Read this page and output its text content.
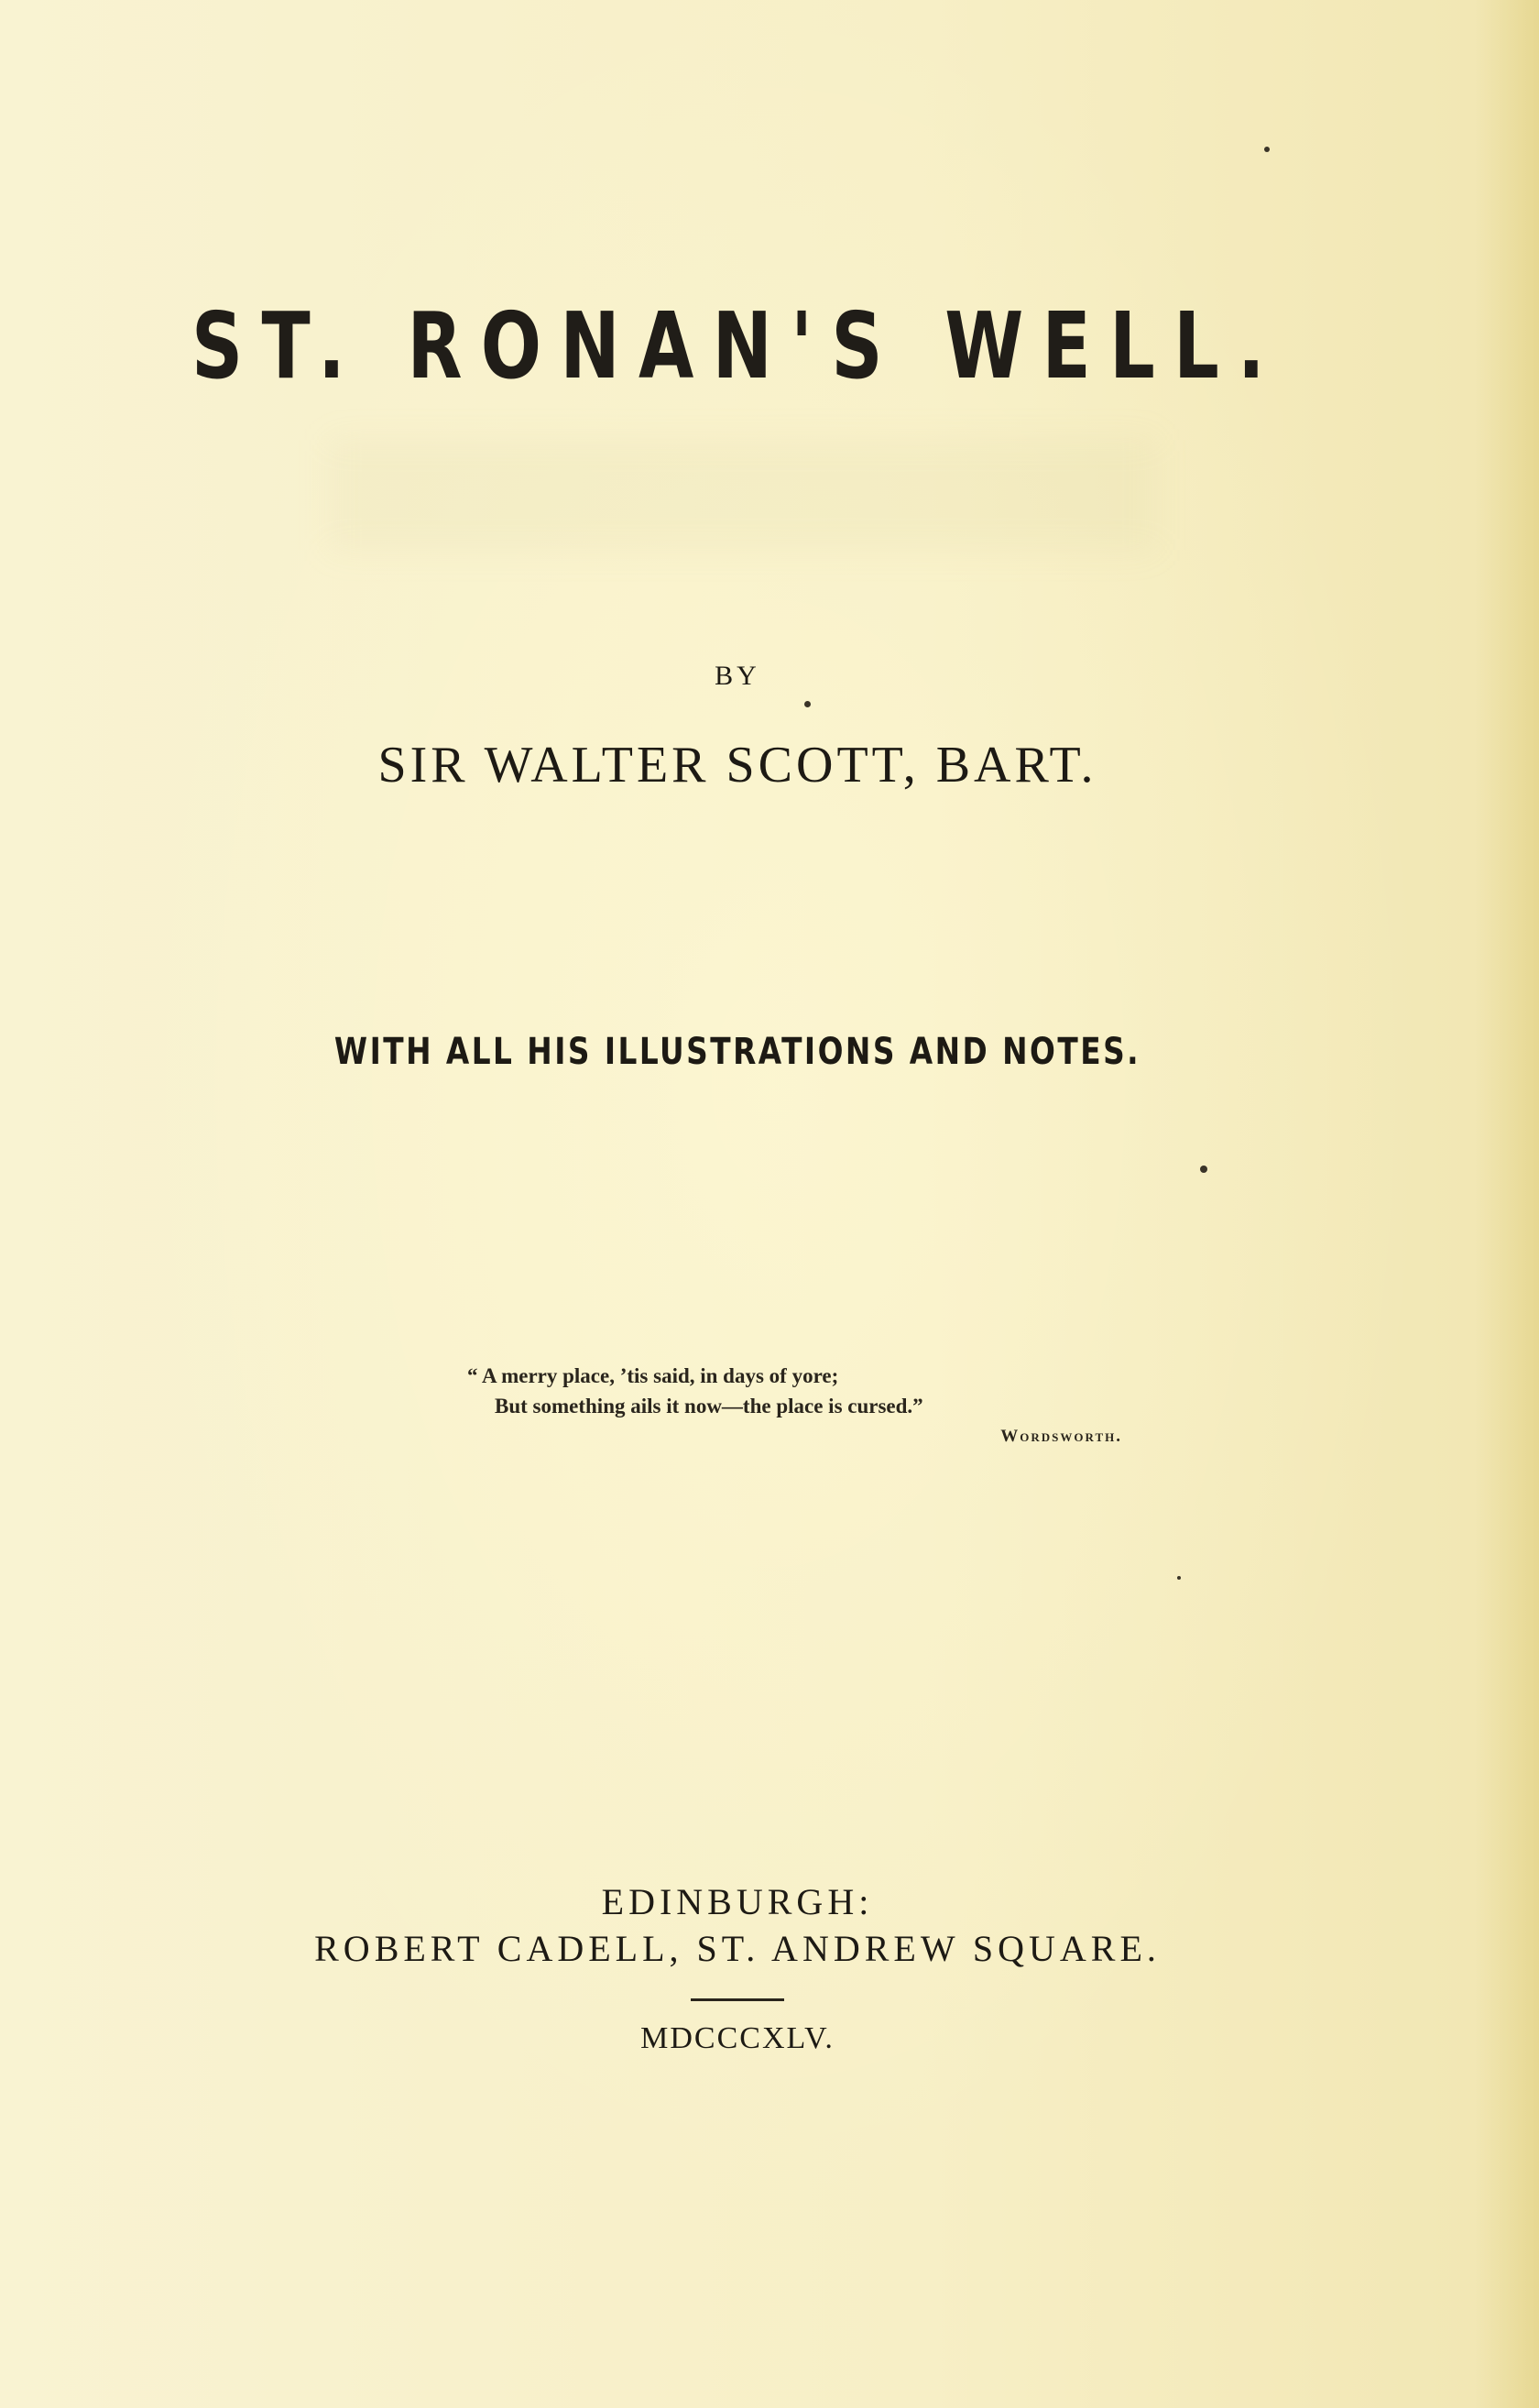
ST. RONAN'S WELL.
BY
SIR WALTER SCOTT, BART.
WITH ALL HIS ILLUSTRATIONS AND NOTES.
“ A merry place, ’tis said, in days of yore;
But something ails it now—the place is cursed.”
Wordsworth.
EDINBURGH:
ROBERT CADELL, ST. ANDREW SQUARE.
MDCCCXLV.
